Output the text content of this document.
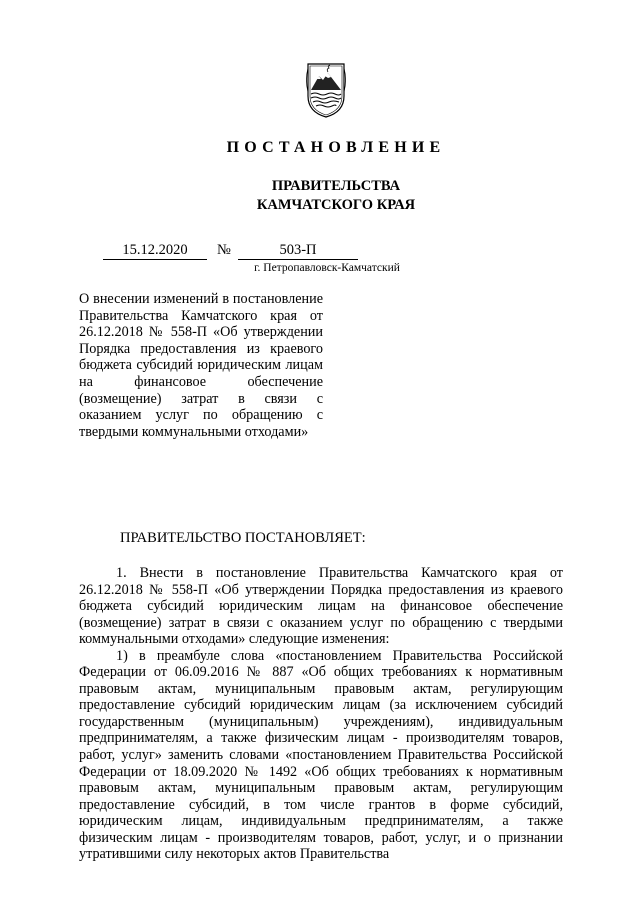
ПОСТАНОВЛЕНИЕ
ПРАВИТЕЛЬСТВА
КАМЧАТСКОГО КРАЯ
15.12.2020	№	503-П
г. Петропавловск-Камчатский
О внесении изменений в постановление Правительства Камчатского края от 26.12.2018 № 558-П «Об утверждении Порядка предоставления из краевого бюджета субсидий юридическим лицам на финансовое обеспечение (возмещение) затрат в связи с оказанием услуг по обращению с твердыми коммунальными отходами»
ПРАВИТЕЛЬСТВО ПОСТАНОВЛЯЕТ:

1. Внести в постановление Правительства Камчатского края от 26.12.2018 № 558-П «Об утверждении Порядка предоставления из краевого бюджета субсидий юридическим лицам на финансовое обеспечение (возмещение) затрат в связи с оказанием услуг по обращению с твердыми коммунальными отходами» следующие изменения:

1) в преамбуле слова «постановлением Правительства Российской Федерации от 06.09.2016 № 887 «Об общих требованиях к нормативным правовым актам, муниципальным правовым актам, регулирующим предоставление субсидий юридическим лицам (за исключением субсидий государственным (муниципальным) учреждениям), индивидуальным предпринимателям, а также физическим лицам - производителям товаров, работ, услуг» заменить словами «постановлением Правительства Российской Федерации от 18.09.2020 № 1492 «Об общих требованиях к нормативным правовым актам, муниципальным правовым актам, регулирующим предоставление субсидий, в том числе грантов в форме субсидий, юридическим лицам, индивидуальным предпринимателям, а также физическим лицам - производителям товаров, работ, услуг, и о признании утратившими силу некоторых актов Правительства
